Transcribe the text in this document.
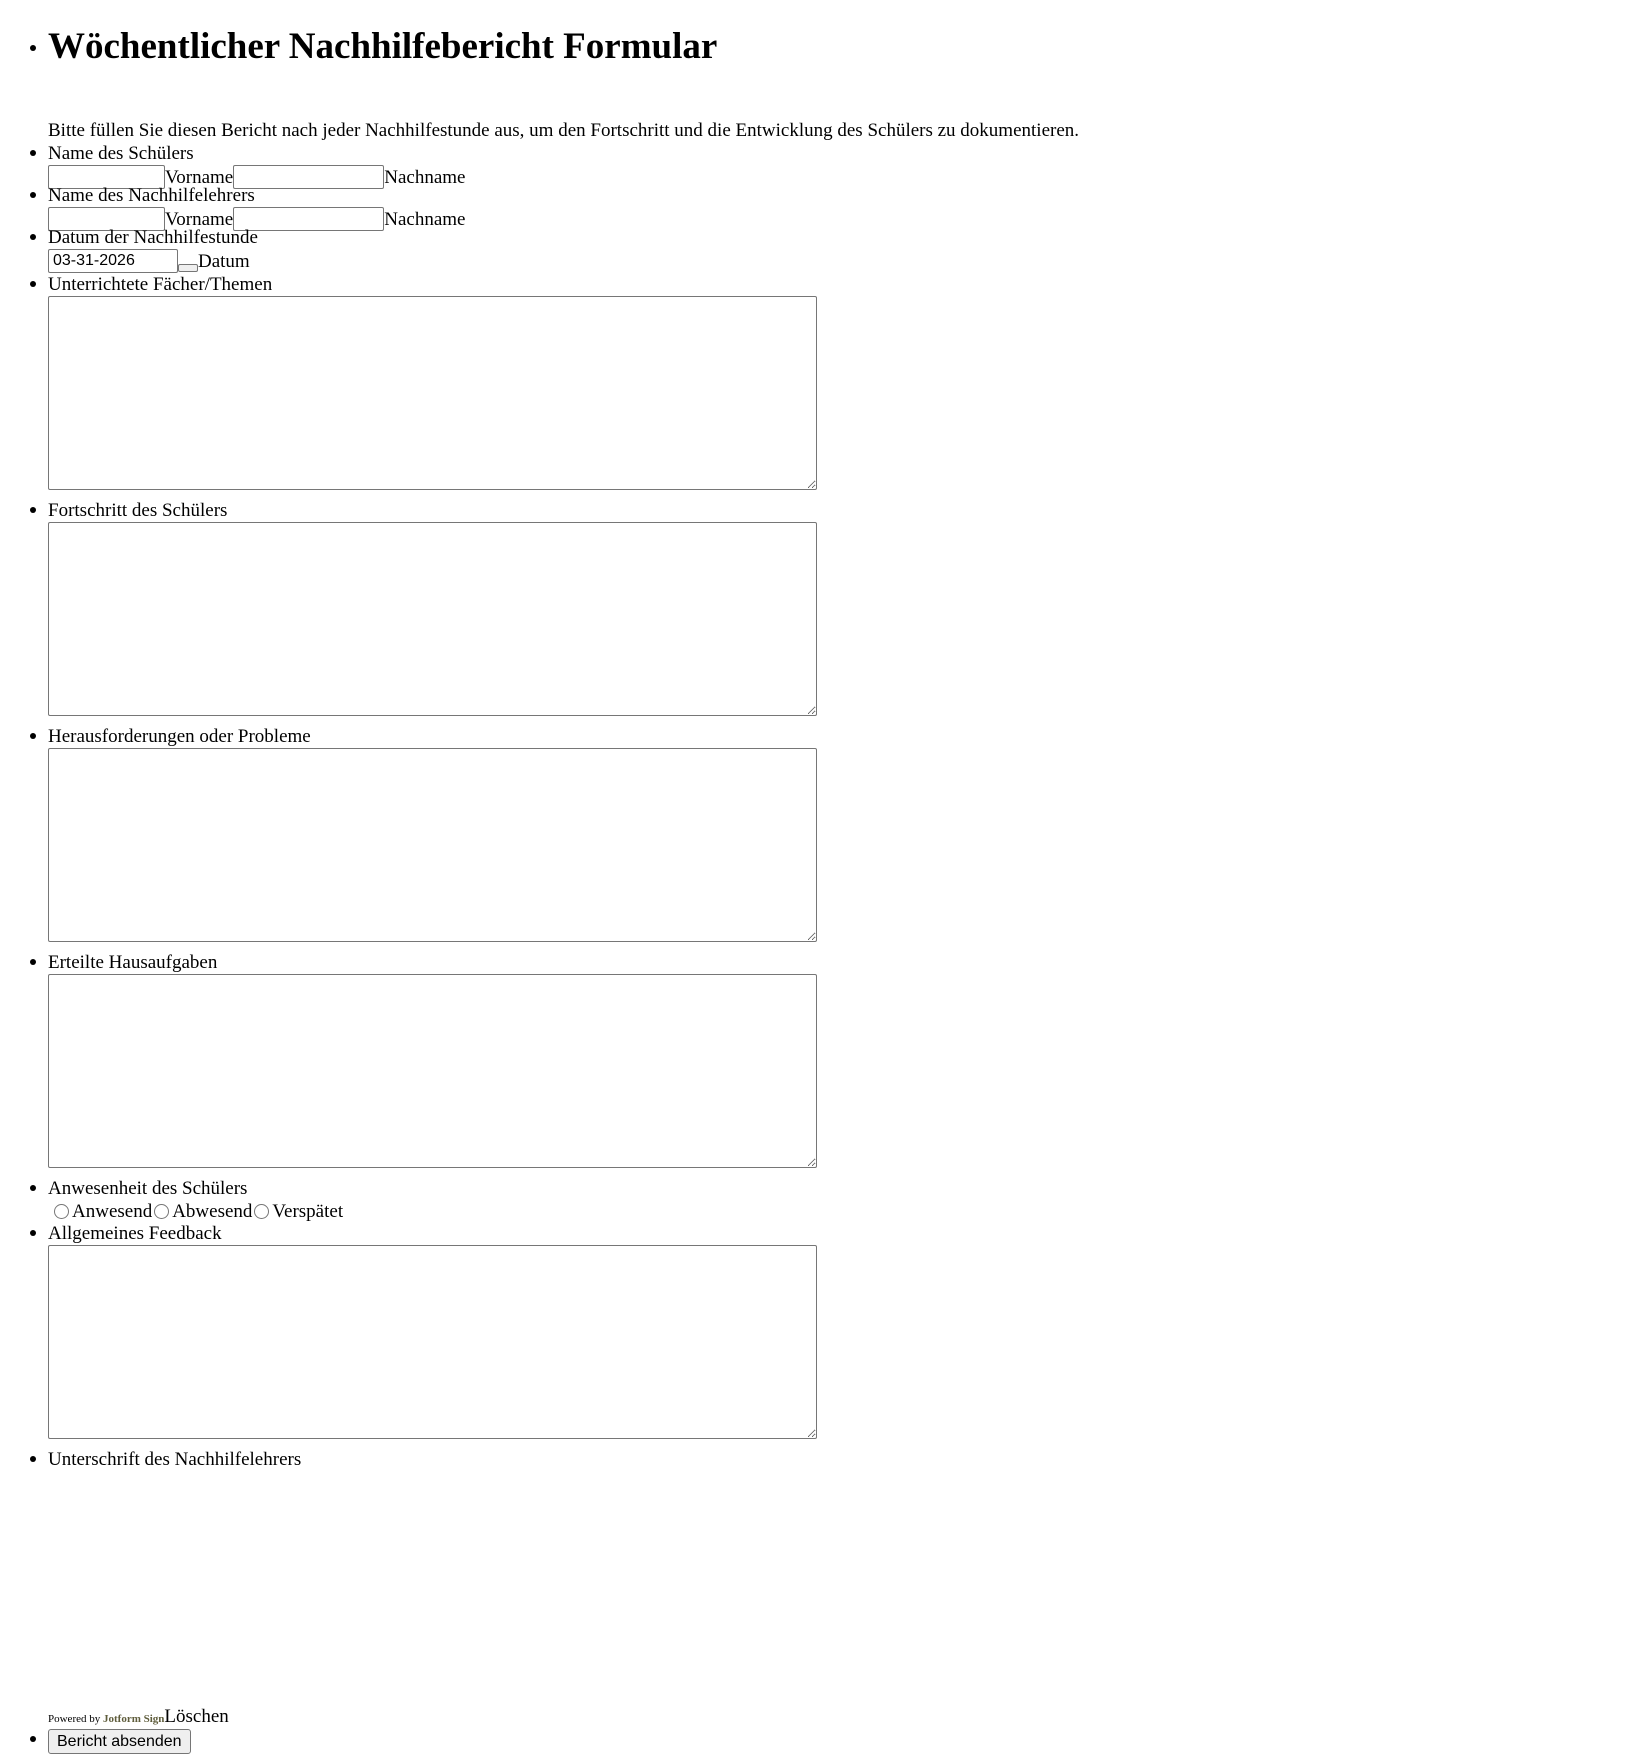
Wöchentlicher Nachhilfebericht Formular
Bitte füllen Sie diesen Bericht nach jeder Nachhilfestunde aus, um den Fortschritt und die Entwicklung des Schülers zu dokumentieren.
Name des Schülers
Vorname	Nachname
Name des Nachhilfelehrers
Vorname	Nachname
Datum der Nachhilfestunde
03-31-2026
Datum
Unterrichtete Fächer/Themen
Fortschritt des Schülers
Herausforderungen oder Probleme
Erteilte Hausaufgaben
Anwesenheit des Schülers
Anwesend Abwesend Verspätet
Allgemeines Feedback
Unterschrift des Nachhilfelehrers
Powered by Jotform Sign Löschen
Bericht absenden
